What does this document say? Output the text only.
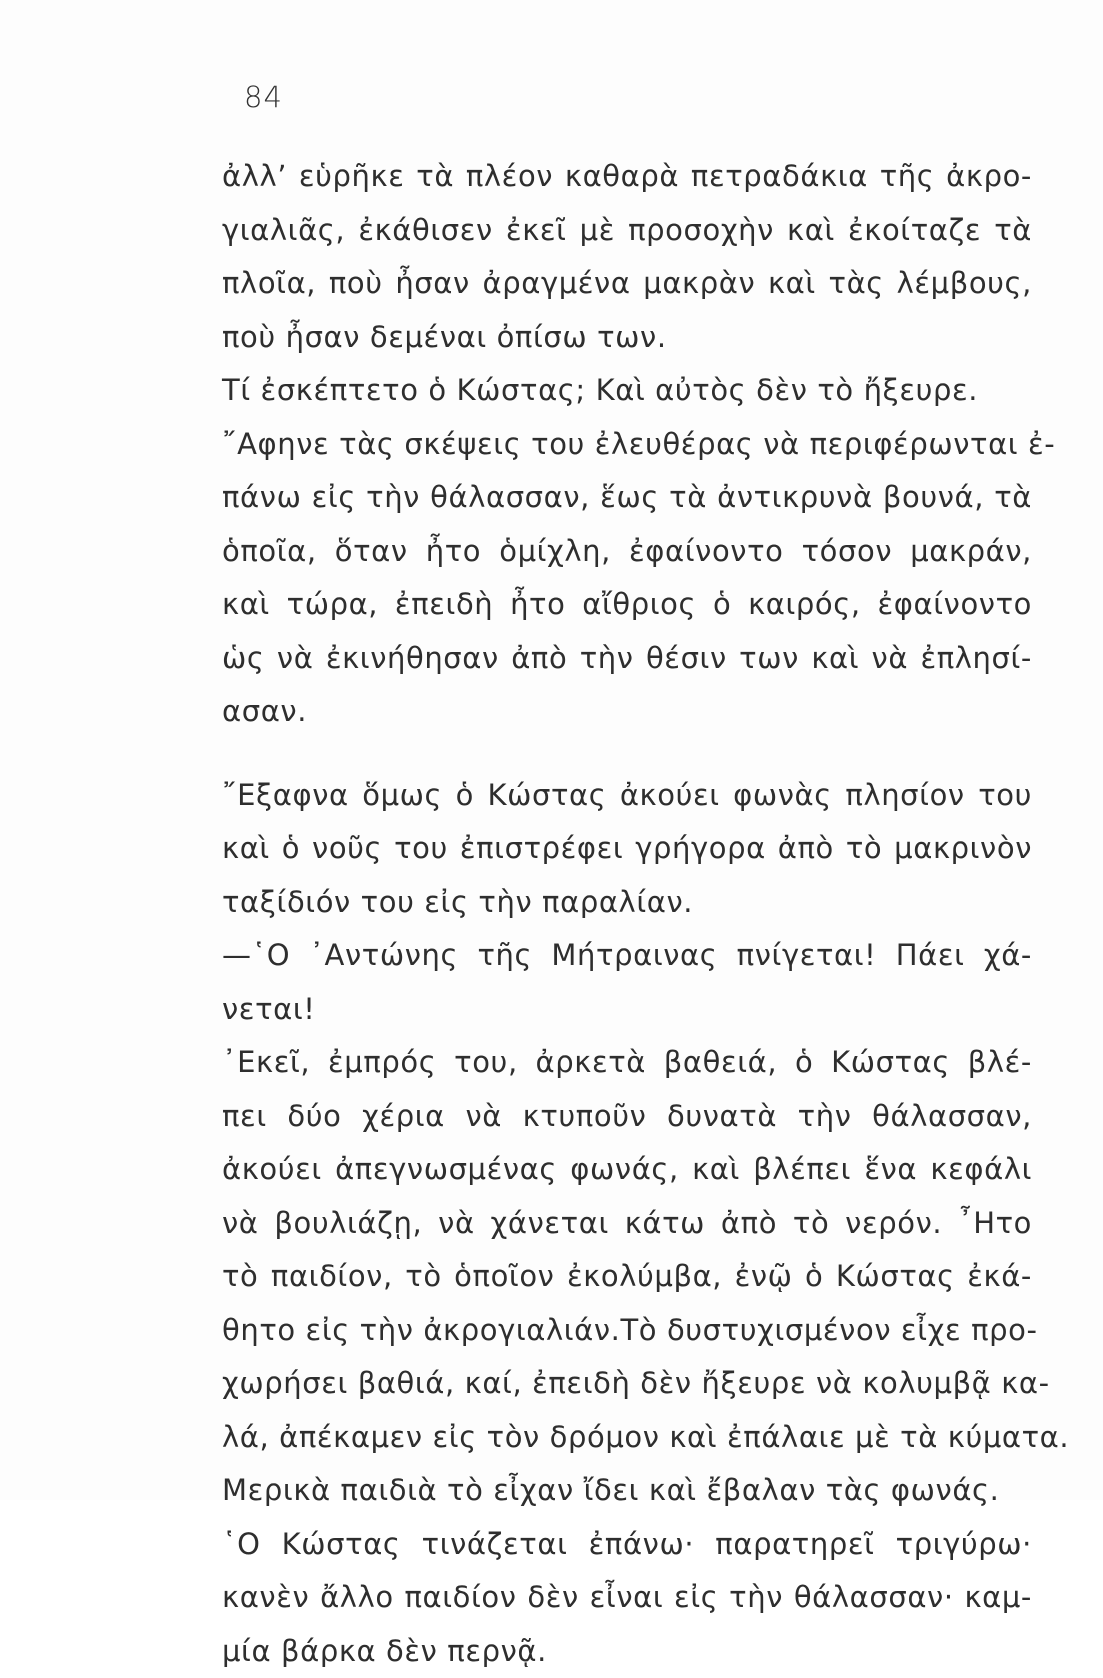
84
ἀλλ’ εὑρῆκε τὰ πλέον καθαρὰ πετραδάκια τῆς ἀκρο-
γιαλιᾶς, ἐκάθισεν ἐκεῖ μὲ προσοχὴν καὶ ἐκοίταζε τὰ
πλοῖα, ποὺ ἦσαν ἀραγμένα μακρὰν καὶ τὰς λέμβους,
ποὺ ἦσαν δεμέναι ὀπίσω των.
Τί ἐσκέπτετο ὁ Κώστας; Καὶ αὐτὸς δὲν τὸ ἤξευρε.
῎Αφηνε τὰς σκέψεις του ἐλευθέρας νὰ περιφέρωνται ἐ-
πάνω εἰς τὴν θάλασσαν, ἕως τὰ ἀντικρυνὰ βουνά, τὰ
ὁποῖα, ὅταν ἦτο ὁμίχλη, ἐφαίνοντο τόσον μακράν,
καὶ τώρα, ἐπειδὴ ἦτο αἴθριος ὁ καιρός, ἐφαίνοντο
ὡς νὰ ἐκινήθησαν ἀπὸ τὴν θέσιν των καὶ νὰ ἐπλησί-
ασαν.
῎Εξαφνα ὅμως ὁ Κώστας ἀκούει φωνὰς πλησίον του
καὶ ὁ νοῦς του ἐπιστρέφει γρήγορα ἀπὸ τὸ μακρινὸν
ταξίδιόν του εἰς τὴν παραλίαν.
—῾Ο ᾿Αντώνης τῆς Μήτραινας πνίγεται! Πάει χά-
νεται!
᾿Εκεῖ, ἐμπρός του, ἀρκετὰ βαθειά, ὁ Κώστας βλέ-
πει δύο χέρια νὰ κτυποῦν δυνατὰ τὴν θάλασσαν,
ἀκούει ἀπεγνωσμένας φωνάς, καὶ βλέπει ἕνα κεφάλι
νὰ βουλιάζῃ, νὰ χάνεται κάτω ἀπὸ τὸ νερόν. ῏Ητο
τὸ παιδίον, τὸ ὁποῖον ἐκολύμβα, ἐνῷ ὁ Κώστας ἐκά-
θητο εἰς τὴν ἀκρογιαλιάν.Τὸ δυστυχισμένον εἶχε προ-
χωρήσει βαθιά, καί, ἐπειδὴ δὲν ἤξευρε νὰ κολυμβᾷ κα-
λά, ἀπέκαμεν εἰς τὸν δρόμον καὶ ἐπάλαιε μὲ τὰ κύματα.
Μερικὰ παιδιὰ τὸ εἶχαν ἴδει καὶ ἔβαλαν τὰς φωνάς.
῾Ο Κώστας τινάζεται ἐπάνω· παρατηρεῖ τριγύρω·
κανὲν ἄλλο παιδίον δὲν εἶναι εἰς τὴν θάλασσαν· καμ-
μία βάρκα δὲν περνᾷ.
